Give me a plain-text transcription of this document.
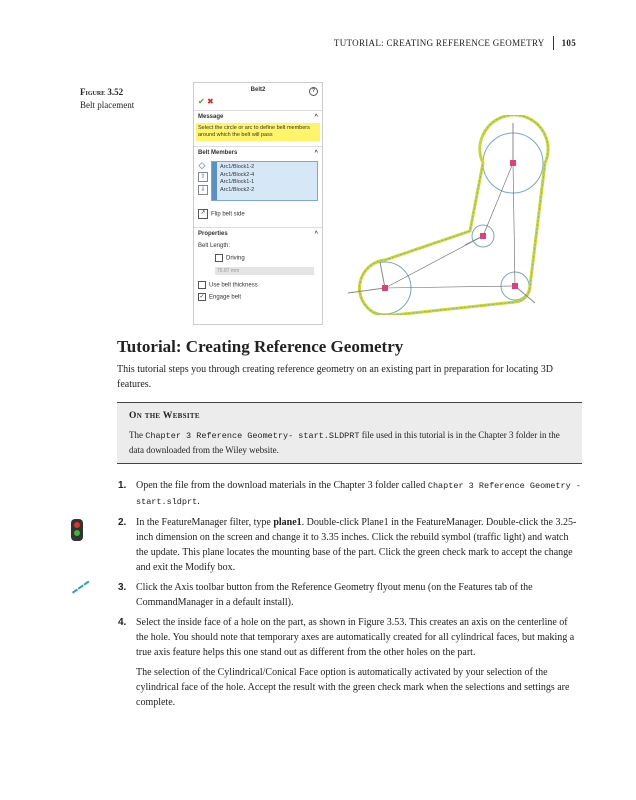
TUTORIAL: CREATING REFERENCE GEOMETRY	105
Figure 3.52
Belt placement
Belt2	?
✔ ✖
Message	^
Select the circle or arc to define belt members around which the belt will pass
Belt Members	^
◇
⇧
⇩
Arc1/Block1-2
Arc1/Block2-4
Arc1/Block1-1
Arc1/Block2-2
↗ Flip belt side
Properties	^
Belt Length:
Driving
75.87 mm
Use belt thickness
✓ Engage belt
Tutorial: Creating Reference Geometry

This tutorial steps you through creating reference geometry on an existing part in preparation for locating 3D features.

On the Website
The Chapter 3 Reference Geometry- start.SLDPRT file used in this tutorial is in the Chapter 3 folder in the data downloaded from the Wiley website.
1. Open the file from the download materials in the Chapter 3 folder called Chapter 3 Reference Geometry - start.sldprt.
2. In the FeatureManager filter, type plane1. Double-click Plane1 in the FeatureManager. Double-click the 3.25-inch dimension on the screen and change it to 3.35 inches. Click the rebuild symbol (traffic light) and watch the update. This plane locates the mounting base of the part. Click the green check mark to accept the change and exit the Modify box.
3. Click the Axis toolbar button from the Reference Geometry flyout menu (on the Features tab of the CommandManager in a default install).
4. Select the inside face of a hole on the part, as shown in Figure 3.53. This creates an axis on the centerline of the hole. You should note that temporary axes are automatically created for all cylindrical faces, but making a true axis feature helps this one stand out as different from the other holes on the part.
The selection of the Cylindrical/Conical Face option is automatically activated by your selection of the cylindrical face of the hole. Accept the result with the green check mark when the selections and settings are complete.
